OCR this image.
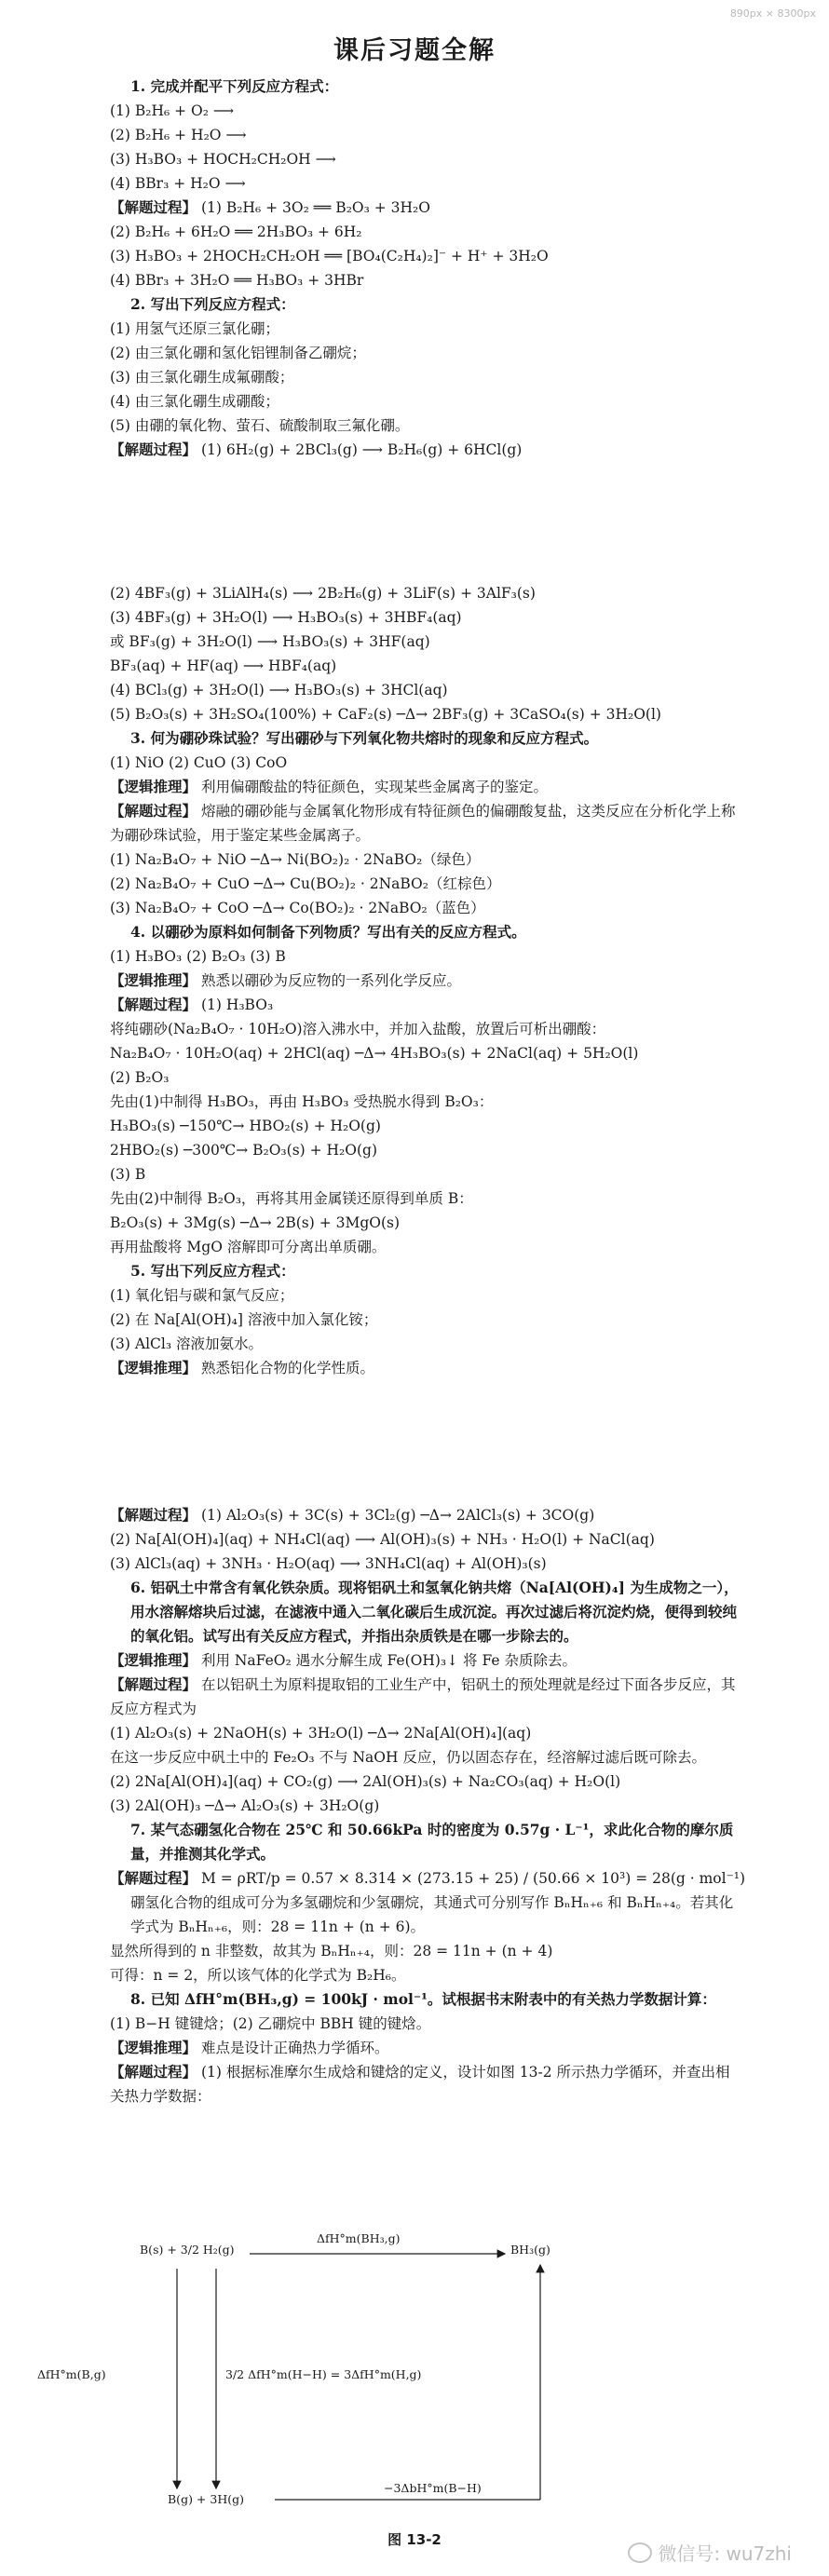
890px × 8300px
课后习题全解
1. 完成并配平下列反应方程式：
(1) B₂H₆ + O₂ ⟶
(2) B₂H₆ + H₂O ⟶
(3) H₃BO₃ + HOCH₂CH₂OH ⟶
(4) BBr₃ + H₂O ⟶
【解题过程】 (1) B₂H₆ + 3O₂ ══ B₂O₃ + 3H₂O
(2) B₂H₆ + 6H₂O ══ 2H₃BO₃ + 6H₂
(3) H₃BO₃ + 2HOCH₂CH₂OH ══ [BO₄(C₂H₄)₂]⁻ + H⁺ + 3H₂O
(4) BBr₃ + 3H₂O ══ H₃BO₃ + 3HBr
2. 写出下列反应方程式：
(1) 用氢气还原三氯化硼；
(2) 由三氯化硼和氢化铝锂制备乙硼烷；
(3) 由三氯化硼生成氟硼酸；
(4) 由三氯化硼生成硼酸；
(5) 由硼的氧化物、萤石、硫酸制取三氟化硼。
【解题过程】 (1) 6H₂(g) + 2BCl₃(g) ⟶ B₂H₆(g) + 6HCl(g)
(2) 4BF₃(g) + 3LiAlH₄(s) ⟶ 2B₂H₆(g) + 3LiF(s) + 3AlF₃(s)
(3) 4BF₃(g) + 3H₂O(l) ⟶ H₃BO₃(s) + 3HBF₄(aq)
或 BF₃(g) + 3H₂O(l) ⟶ H₃BO₃(s) + 3HF(aq)
BF₃(aq) + HF(aq) ⟶ HBF₄(aq)
(4) BCl₃(g) + 3H₂O(l) ⟶ H₃BO₃(s) + 3HCl(aq)
(5) B₂O₃(s) + 3H₂SO₄(100%) + CaF₂(s) ─Δ→ 2BF₃(g) + 3CaSO₄(s) + 3H₂O(l)
3. 何为硼砂珠试验？写出硼砂与下列氧化物共熔时的现象和反应方程式。
(1) NiO (2) CuO (3) CoO
【逻辑推理】 利用偏硼酸盐的特征颜色，实现某些金属离子的鉴定。
【解题过程】 熔融的硼砂能与金属氧化物形成有特征颜色的偏硼酸复盐，这类反应在分析化学上称为硼砂珠试验，用于鉴定某些金属离子。
(1) Na₂B₄O₇ + NiO ─Δ→ Ni(BO₂)₂ · 2NaBO₂（绿色）
(2) Na₂B₄O₇ + CuO ─Δ→ Cu(BO₂)₂ · 2NaBO₂（红棕色）
(3) Na₂B₄O₇ + CoO ─Δ→ Co(BO₂)₂ · 2NaBO₂（蓝色）
4. 以硼砂为原料如何制备下列物质？写出有关的反应方程式。
(1) H₃BO₃ (2) B₂O₃ (3) B
【逻辑推理】 熟悉以硼砂为反应物的一系列化学反应。
【解题过程】 (1) H₃BO₃
将纯硼砂(Na₂B₄O₇ · 10H₂O)溶入沸水中，并加入盐酸，放置后可析出硼酸：
Na₂B₄O₇ · 10H₂O(aq) + 2HCl(aq) ─Δ→ 4H₃BO₃(s) + 2NaCl(aq) + 5H₂O(l)
(2) B₂O₃
先由(1)中制得 H₃BO₃，再由 H₃BO₃ 受热脱水得到 B₂O₃：
H₃BO₃(s) ─150℃→ HBO₂(s) + H₂O(g)
2HBO₂(s) ─300℃→ B₂O₃(s) + H₂O(g)
(3) B
先由(2)中制得 B₂O₃，再将其用金属镁还原得到单质 B：
B₂O₃(s) + 3Mg(s) ─Δ→ 2B(s) + 3MgO(s)
再用盐酸将 MgO 溶解即可分离出单质硼。
5. 写出下列反应方程式：
(1) 氧化铝与碳和氯气反应；
(2) 在 Na[Al(OH)₄] 溶液中加入氯化铵；
(3) AlCl₃ 溶液加氨水。
【逻辑推理】 熟悉铝化合物的化学性质。
【解题过程】 (1) Al₂O₃(s) + 3C(s) + 3Cl₂(g) ─Δ→ 2AlCl₃(s) + 3CO(g)
(2) Na[Al(OH)₄](aq) + NH₄Cl(aq) ⟶ Al(OH)₃(s) + NH₃ · H₂O(l) + NaCl(aq)
(3) AlCl₃(aq) + 3NH₃ · H₂O(aq) ⟶ 3NH₄Cl(aq) + Al(OH)₃(s)
6. 铝矾土中常含有氧化铁杂质。现将铝矾土和氢氧化钠共熔（Na[Al(OH)₄] 为生成物之一），用水溶解熔块后过滤，在滤液中通入二氧化碳后生成沉淀。再次过滤后将沉淀灼烧，便得到较纯的氧化铝。试写出有关反应方程式，并指出杂质铁是在哪一步除去的。
【逻辑推理】 利用 NaFeO₂ 遇水分解生成 Fe(OH)₃↓ 将 Fe 杂质除去。
【解题过程】 在以铝矾土为原料提取铝的工业生产中，铝矾土的预处理就是经过下面各步反应，其反应方程式为
(1) Al₂O₃(s) + 2NaOH(s) + 3H₂O(l) ─Δ→ 2Na[Al(OH)₄](aq)
在这一步反应中矾土中的 Fe₂O₃ 不与 NaOH 反应，仍以固态存在，经溶解过滤后既可除去。
(2) 2Na[Al(OH)₄](aq) + CO₂(g) ⟶ 2Al(OH)₃(s) + Na₂CO₃(aq) + H₂O(l)
(3) 2Al(OH)₃ ─Δ→ Al₂O₃(s) + 3H₂O(g)
7. 某气态硼氢化合物在 25℃ 和 50.66kPa 时的密度为 0.57g · L⁻¹，求此化合物的摩尔质量，并推测其化学式。
【解题过程】 M = ρRT/p = 0.57 × 8.314 × (273.15 + 25) / (50.66 × 10³) = 28(g · mol⁻¹)
硼氢化合物的组成可分为多氢硼烷和少氢硼烷，其通式可分别写作 BₙHₙ₊₆ 和 BₙHₙ₊₄。若其化学式为 BₙHₙ₊₆，则：28 = 11n + (n + 6)。
显然所得到的 n 非整数，故其为 BₙHₙ₊₄，则：28 = 11n + (n + 4)
可得：n = 2，所以该气体的化学式为 B₂H₆。
8. 已知 ΔfH°m(BH₃,g) = 100kJ · mol⁻¹。试根据书末附表中的有关热力学数据计算：
(1) B−H 键键焓；(2) 乙硼烷中 BBH 键的键焓。
【逻辑推理】 难点是设计正确热力学循环。
【解题过程】 (1) 根据标准摩尔生成焓和键焓的定义，设计如图 13-2 所示热力学循环，并查出相关热力学数据：
B(s) + 3/2 H₂(g)
ΔfH°m(BH₃,g)
BH₃(g)
ΔfH°m(B,g)	3/2 ΔfH°m(H−H) = 3ΔfH°m(H,g)
B(g) + 3H(g)
−3ΔbH°m(B−H)
图 13-2
微信号: wu7zhi
